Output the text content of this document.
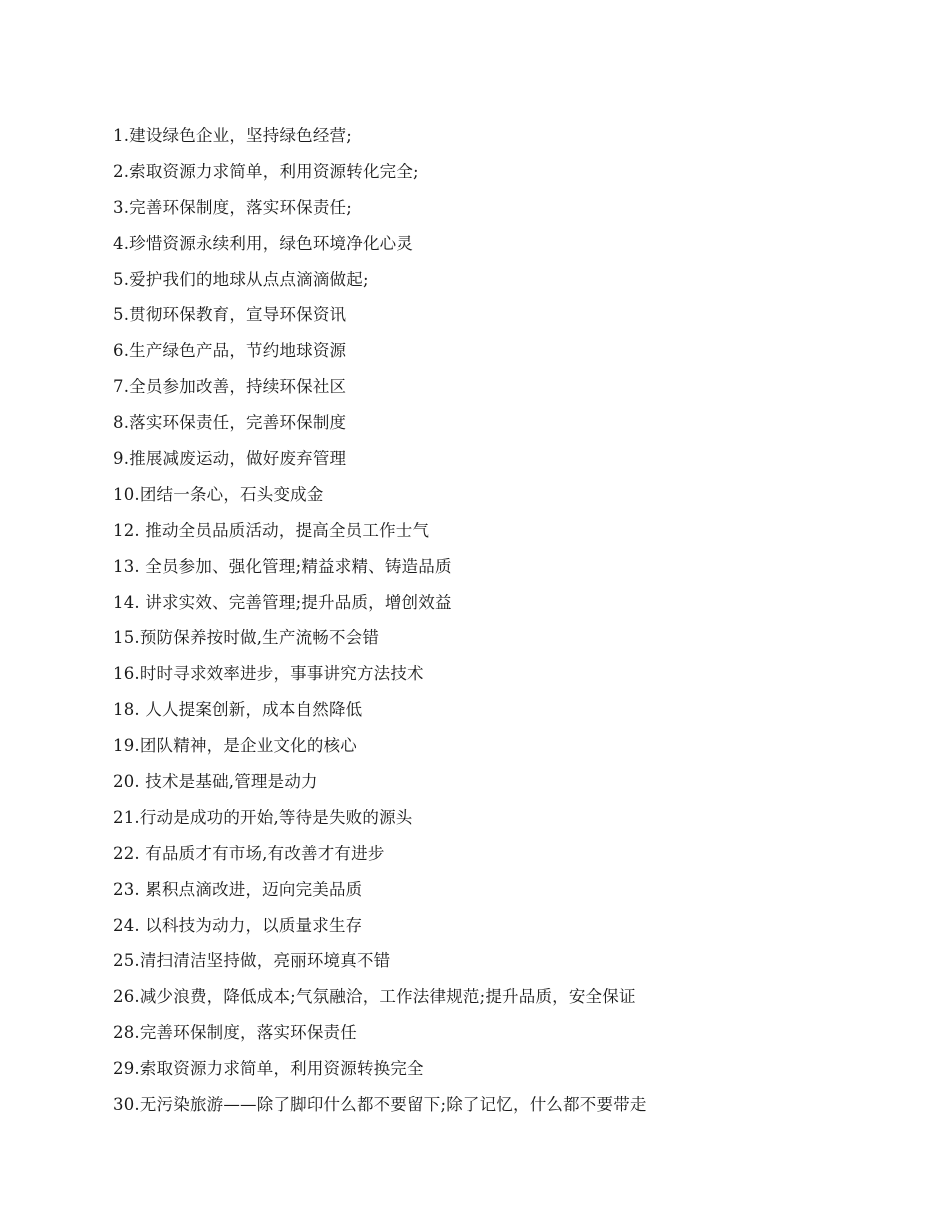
1.建设绿色企业，坚持绿色经营;
2.索取资源力求简单，利用资源转化完全;
3.完善环保制度，落实环保责任;
4.珍惜资源永续利用，绿色环境净化心灵
5.爱护我们的地球从点点滴滴做起;
5.贯彻环保教育，宣导环保资讯
6.生产绿色产品，节约地球资源
7.全员参加改善，持续环保社区
8.落实环保责任，完善环保制度
9.推展减废运动，做好废弃管理
10.团结一条心，石头变成金
12. 推动全员品质活动，提高全员工作士气
13. 全员参加、强化管理;精益求精、铸造品质
14. 讲求实效、完善管理;提升品质，增创效益
15.预防保养按时做,生产流畅不会错
16.时时寻求效率进步，事事讲究方法技术
18. 人人提案创新，成本自然降低
19.团队精神，是企业文化的核心
20. 技术是基础,管理是动力
21.行动是成功的开始,等待是失败的源头
22. 有品质才有市场,有改善才有进步
23. 累积点滴改进，迈向完美品质
24. 以科技为动力，以质量求生存
25.清扫清洁坚持做，亮丽环境真不错
26.减少浪费，降低成本;气氛融洽，工作法律规范;提升品质，安全保证
28.完善环保制度，落实环保责任
29.索取资源力求简单，利用资源转换完全
30.无污染旅游——除了脚印什么都不要留下;除了记忆，什么都不要带走
